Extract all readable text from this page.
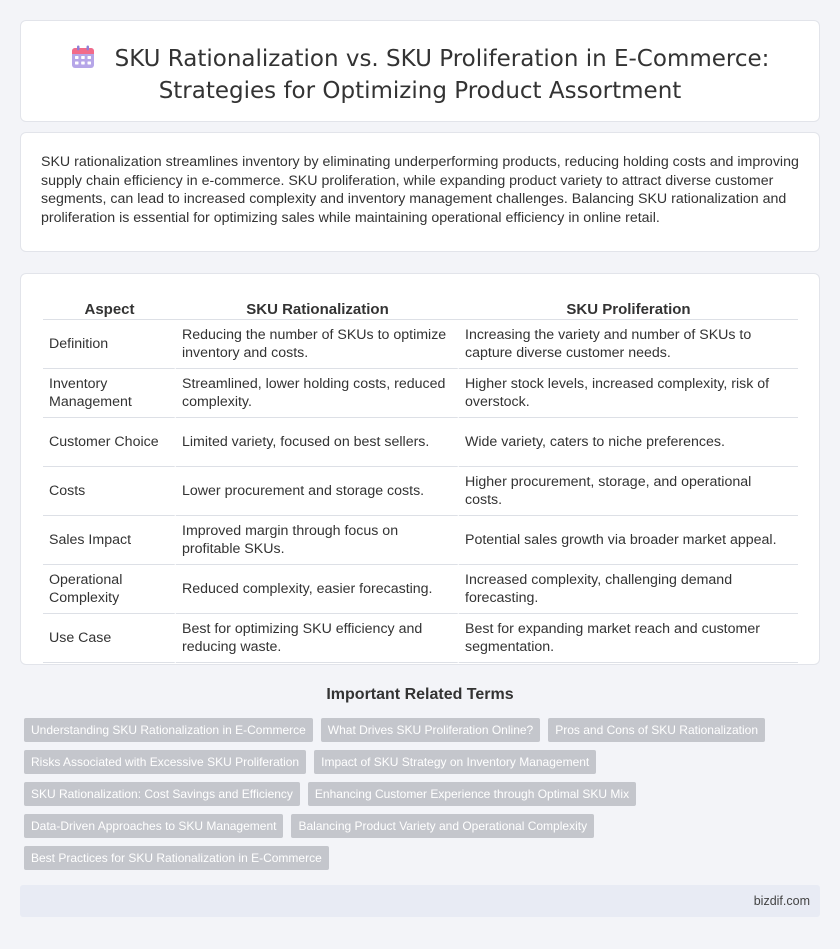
SKU Rationalization vs. SKU Proliferation in E-Commerce:
Strategies for Optimizing Product Assortment

SKU rationalization streamlines inventory by eliminating underperforming products, reducing holding costs and improving supply chain efficiency in e-commerce. SKU proliferation, while expanding product variety to attract diverse customer segments, can lead to increased complexity and inventory management challenges. Balancing SKU rationalization and proliferation is essential for optimizing sales while maintaining operational efficiency in online retail.

Aspect	SKU Rationalization	SKU Proliferation
Definition	Reducing the number of SKUs to optimize inventory and costs.	Increasing the variety and number of SKUs to capture diverse customer needs.
Inventory Management	Streamlined, lower holding costs, reduced complexity.	Higher stock levels, increased complexity, risk of overstock.
Customer Choice	Limited variety, focused on best sellers.	Wide variety, caters to niche preferences.
Costs	Lower procurement and storage costs.	Higher procurement, storage, and operational costs.
Sales Impact	Improved margin through focus on profitable SKUs.	Potential sales growth via broader market appeal.
Operational Complexity	Reduced complexity, easier forecasting.	Increased complexity, challenging demand forecasting.
Use Case	Best for optimizing SKU efficiency and reducing waste.	Best for expanding market reach and customer segmentation.
Important Related Terms
Understanding SKU Rationalization in E-Commerce	What Drives SKU Proliferation Online?	Pros and Cons of SKU Rationalization
Risks Associated with Excessive SKU Proliferation	Impact of SKU Strategy on Inventory Management
SKU Rationalization: Cost Savings and Efficiency	Enhancing Customer Experience through Optimal SKU Mix
Data-Driven Approaches to SKU Management	Balancing Product Variety and Operational Complexity
Best Practices for SKU Rationalization in E-Commerce
bizdif.com
